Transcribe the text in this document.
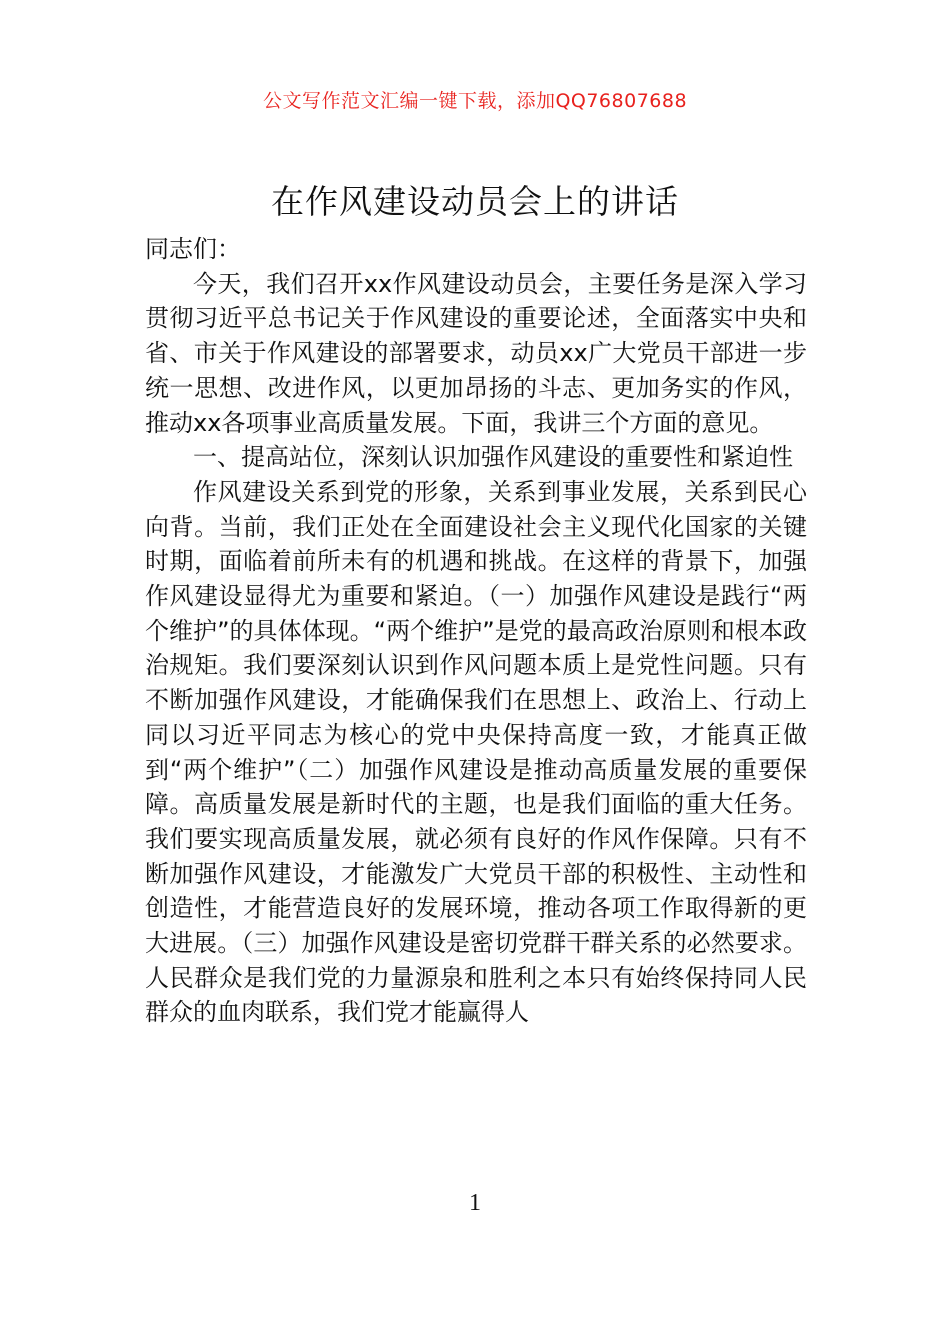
公文写作范文汇编一键下载，添加QQ76807688
在作风建设动员会上的讲话

同志们：

今天，我们召开xx作风建设动员会，主要任务是深入学习贯彻习近平总书记关于作风建设的重要论述，全面落实中央和省、市关于作风建设的部署要求，动员xx广大党员干部进一步统一思想、改进作风，以更加昂扬的斗志、更加务实的作风，推动xx各项事业高质量发展。下面，我讲三个方面的意见。

一、提高站位，深刻认识加强作风建设的重要性和紧迫性

作风建设关系到党的形象，关系到事业发展，关系到民心向背。当前，我们正处在全面建设社会主义现代化国家的关键时期，面临着前所未有的机遇和挑战。在这样的背景下，加强作风建设显得尤为重要和紧迫。（一）加强作风建设是践行“两个维护”的具体体现。“两个维护”是党的最高政治原则和根本政治规矩。我们要深刻认识到作风问题本质上是党性问题。只有不断加强作风建设，才能确保我们在思想上、政治上、行动上同以习近平同志为核心的党中央保持高度一致，才能真正做到“两个维护”（二）加强作风建设是推动高质量发展的重要保障。高质量发展是新时代的主题，也是我们面临的重大任务。我们要实现高质量发展，就必须有良好的作风作保障。只有不断加强作风建设，才能激发广大党员干部的积极性、主动性和创造性，才能营造良好的发展环境，推动各项工作取得新的更大进展。（三）加强作风建设是密切党群干群关系的必然要求。人民群众是我们党的力量源泉和胜利之本只有始终保持同人民群众的血肉联系，我们党才能赢得人

1
